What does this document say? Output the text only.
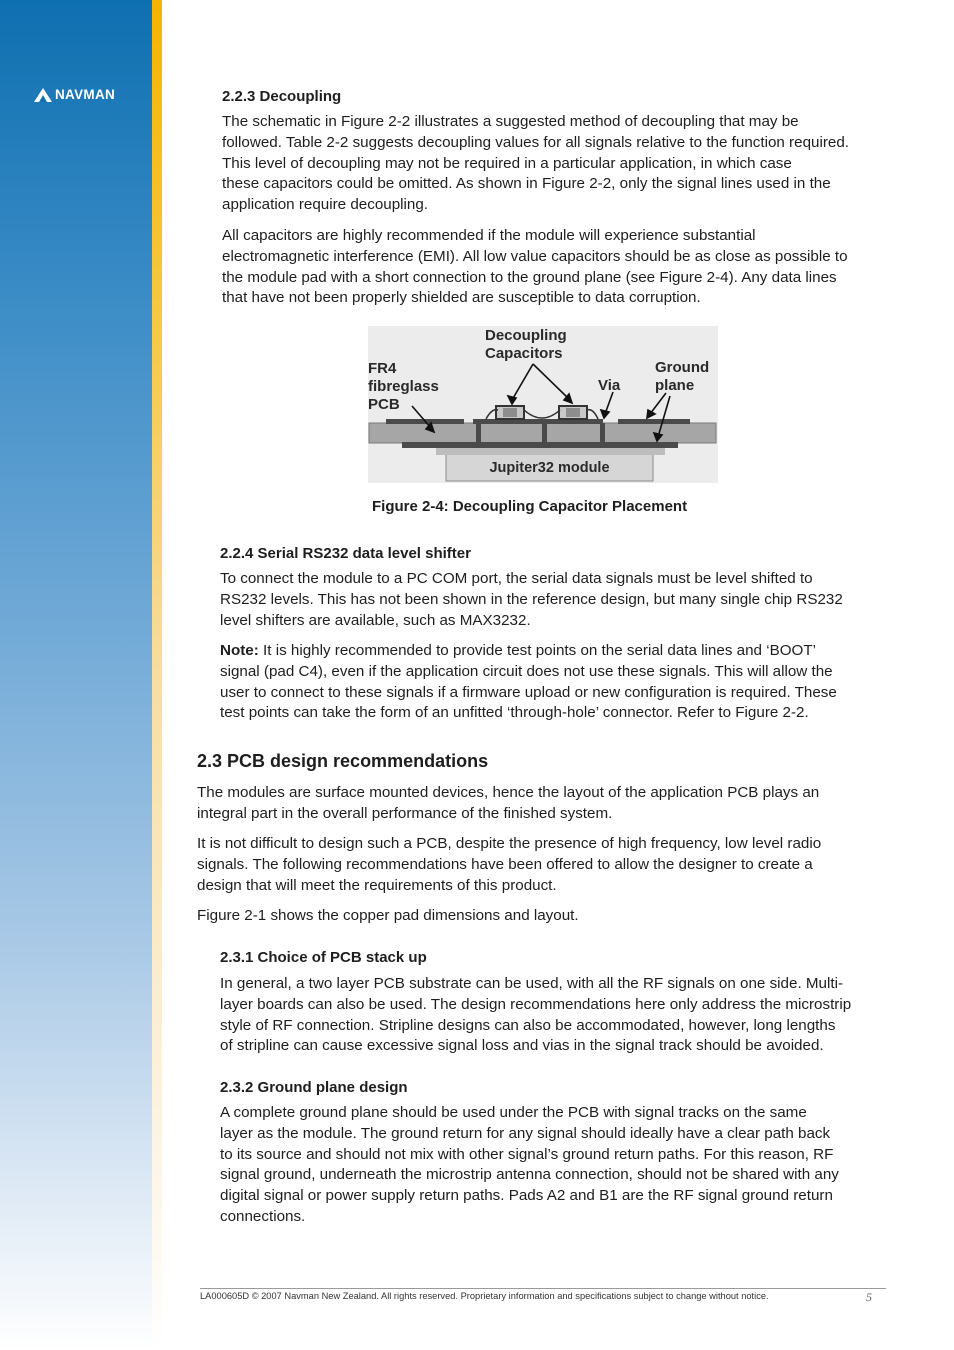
NAVMAN	2.2.3 Decoupling
The schematic in Figure 2-2 illustrates a suggested method of decoupling that may be
followed. Table 2-2 suggests decoupling values for all signals relative to the function required.
This level of decoupling may not be required in a particular application, in which case
these capacitors could be omitted. As shown in Figure 2-2, only the signal lines used in the
application require decoupling.
All capacitors are highly recommended if the module will experience substantial
electromagnetic interference (EMI). All low value capacitors should be as close as possible to
the module pad with a short connection to the ground plane (see Figure 2-4). Any data lines
that have not been properly shielded are susceptible to data corruption.
Decoupling
Capacitors
FR4
fibreglass
PCB
Via
Ground
plane
Jupiter32 module
Figure 2-4: Decoupling Capacitor Placement
2.2.4 Serial RS232 data level shifter
To connect the module to a PC COM port, the serial data signals must be level shifted to
RS232 levels. This has not been shown in the reference design, but many single chip RS232
level shifters are available, such as MAX3232.
Note: It is highly recommended to provide test points on the serial data lines and ‘BOOT’
signal (pad C4), even if the application circuit does not use these signals. This will allow the
user to connect to these signals if a firmware upload or new configuration is required. These
test points can take the form of an unfitted ‘through-hole’ connector. Refer to Figure 2-2.
2.3 PCB design recommendations
The modules are surface mounted devices, hence the layout of the application PCB plays an
integral part in the overall performance of the finished system.
It is not difficult to design such a PCB, despite the presence of high frequency, low level radio
signals. The following recommendations have been offered to allow the designer to create a
design that will meet the requirements of this product.
Figure 2-1 shows the copper pad dimensions and layout.
2.3.1 Choice of PCB stack up
In general, a two layer PCB substrate can be used, with all the RF signals on one side. Multi-
layer boards can also be used. The design recommendations here only address the microstrip
style of RF connection. Stripline designs can also be accommodated, however, long lengths
of stripline can cause excessive signal loss and vias in the signal track should be avoided.
2.3.2 Ground plane design
A complete ground plane should be used under the PCB with signal tracks on the same
layer as the module. The ground return for any signal should ideally have a clear path back
to its source and should not mix with other signal’s ground return paths. For this reason, RF
signal ground, underneath the microstrip antenna connection, should not be shared with any
digital signal or power supply return paths. Pads A2 and B1 are the RF signal ground return
connections.
LA000605D © 2007 Navman New Zealand. All rights reserved. Proprietary information and specifications subject to change without notice.	5
